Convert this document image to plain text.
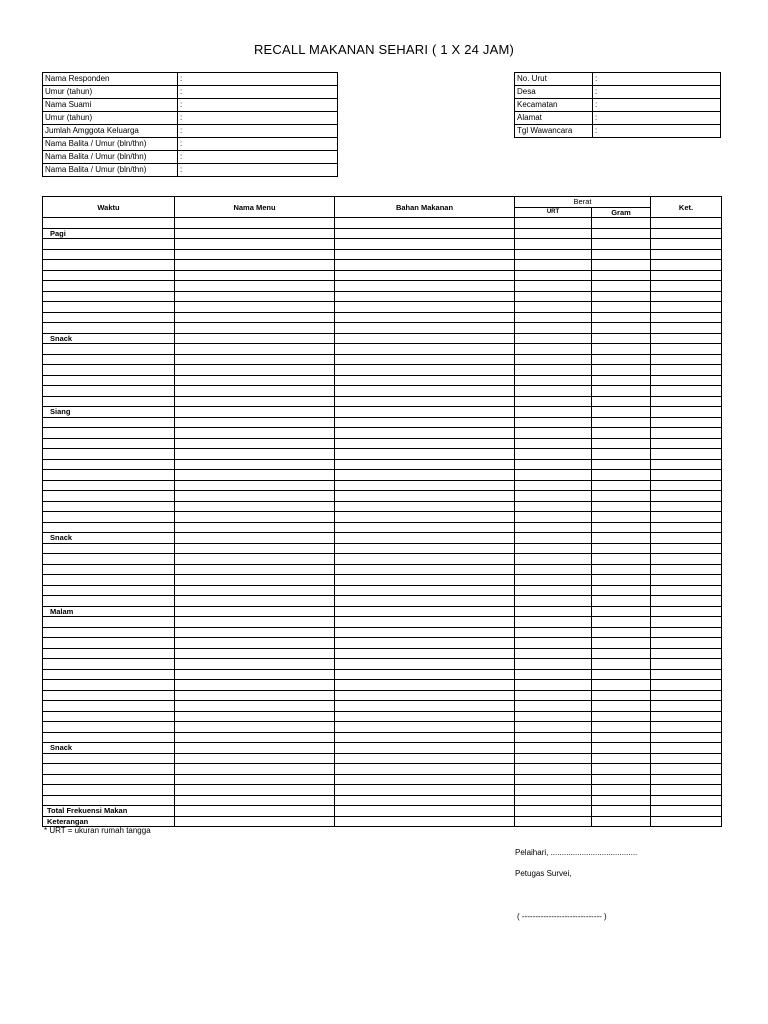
RECALL MAKANAN SEHARI ( 1 X 24 JAM)
Nama Responden	:
Umur (tahun)	:
Nama Suami	:
Umur (tahun)	:
Jumlah Amggota Keluarga	:
Nama Balita / Umur (bln/thn)	:
Nama Balita / Umur (bln/thn)	:
Nama Balita / Umur (bln/thn)	:
No. Urut	:
Desa	:
Kecamatan	:
Alamat	:
Tgl Wawancara	:
Waktu	Nama Menu	Bahan Makanan	Berat		Ket.
			URT	Gram	

Pagi					

Snack					

Siang					

Snack					

Malam					

Snack					

Total Frekuensi Makan					
Keterangan					
* URT = ukuran rumah tangga
Pelaihari, .......................................
Petugas Survei,
( ------------------------------ )
